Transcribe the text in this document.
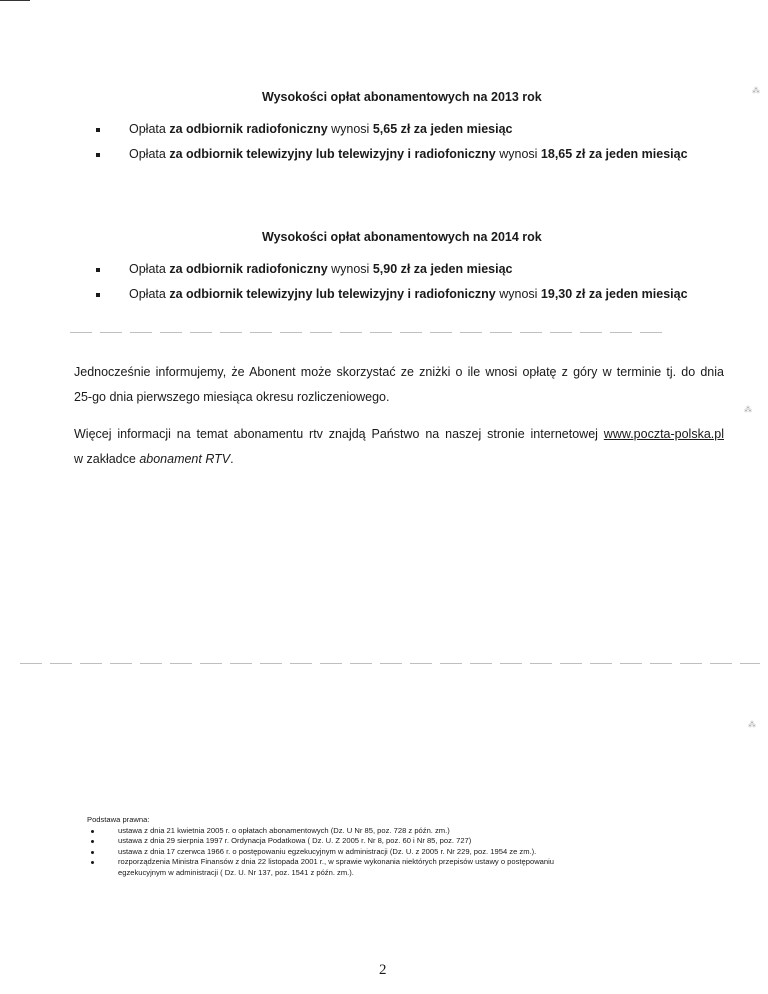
⁂
⁂
⁂
Wysokości opłat abonamentowych na 2013 rok
Opłata za odbiornik radiofoniczny wynosi 5,65 zł za jeden miesiąc
Opłata za odbiornik telewizyjny lub telewizyjny i radiofoniczny wynosi 18,65 zł za jeden miesiąc
Wysokości opłat abonamentowych na 2014 rok
Opłata za odbiornik radiofoniczny wynosi 5,90 zł za jeden miesiąc
Opłata za odbiornik telewizyjny lub telewizyjny i radiofoniczny wynosi 19,30 zł za jeden miesiąc
Jednocześnie informujemy, że Abonent może skorzystać ze zniżki o ile wnosi opłatę z góry w terminie tj. do dnia
25-go dnia pierwszego miesiąca okresu rozliczeniowego.
Więcej informacji na temat abonamentu rtv znajdą Państwo na naszej stronie internetowej www.poczta-polska.pl
w zakładce abonament RTV.
Podstawa prawna:
ustawa z dnia 21 kwietnia 2005 r. o opłatach abonamentowych (Dz. U Nr 85, poz. 728 z późn. zm.)
ustawa z dnia 29 sierpnia 1997 r. Ordynacja Podatkowa ( Dz. U. Z 2005 r. Nr 8, poz. 60 i Nr 85, poz. 727)
ustawa z dnia 17 czerwca 1966 r. o postępowaniu egzekucyjnym w administracji (Dz. U. z 2005 r. Nr 229, poz. 1954 ze zm.).
rozporządzenia Ministra Finansów z dnia 22 listopada 2001 r., w sprawie wykonania niektórych przepisów ustawy o postępowaniu
egzekucyjnym w administracji ( Dz. U. Nr 137, poz. 1541 z późn. zm.).
2
